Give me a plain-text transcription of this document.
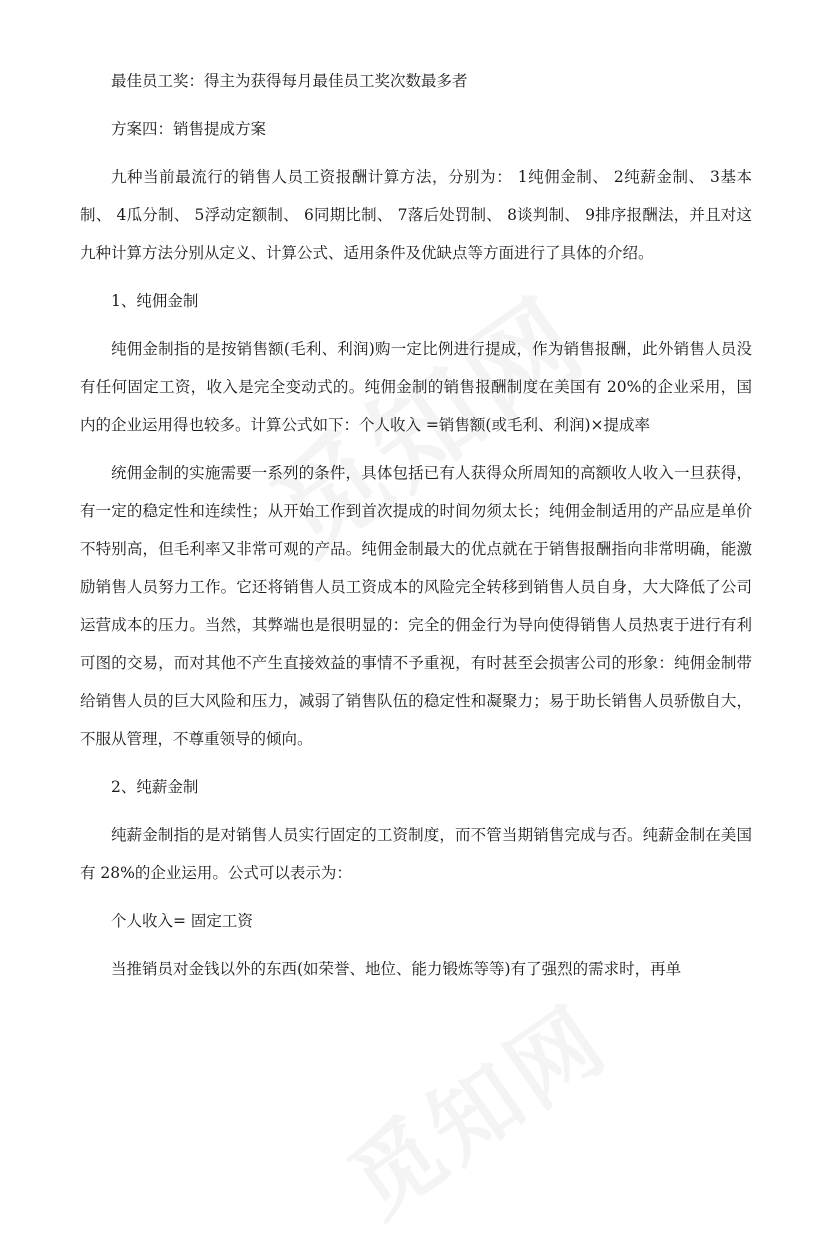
最佳员工奖：得主为获得每月最佳员工奖次数最多者

方案四：销售提成方案

九种当前最流行的销售人员工资报酬计算方法，分别为： 1纯佣金制、 2纯薪金制、 3基本制、 4瓜分制、 5浮动定额制、 6同期比制、 7落后处罚制、 8谈判制、 9排序报酬法，并且对这九种计算方法分别从定义、计算公式、适用条件及优缺点等方面进行了具体的介绍。

1、纯佣金制

纯佣金制指的是按销售额(毛利、利润)购一定比例进行提成，作为销售报酬，此外销售人员没有任何固定工资，收入是完全变动式的。纯佣金制的销售报酬制度在美国有 20%的企业采用，国内的企业运用得也较多。计算公式如下：个人收入 =销售额(或毛利、利润)×提成率

统佣金制的实施需要一系列的条件，具体包括已有人获得众所周知的高额收人收入一旦获得，有一定的稳定性和连续性；从开始工作到首次提成的时间勿须太长；纯佣金制适用的产品应是单价不特别高，但毛利率又非常可观的产品。纯佣金制最大的优点就在于销售报酬指向非常明确，能激励销售人员努力工作。它还将销售人员工资成本的风险完全转移到销售人员自身，大大降低了公司运营成本的压力。当然，其弊端也是很明显的：完全的佣金行为导向使得销售人员热衷于进行有利可图的交易，而对其他不产生直接效益的事情不予重视，有时甚至会损害公司的形象：纯佣金制带给销售人员的巨大风险和压力，减弱了销售队伍的稳定性和凝聚力；易于助长销售人员骄傲自大，不服从管理，不尊重领导的倾向。

2、纯薪金制

纯薪金制指的是对销售人员实行固定的工资制度，而不管当期销售完成与否。纯薪金制在美国有 28%的企业运用。公式可以表示为：

个人收入= 固定工资

当推销员对金钱以外的东西(如荣誉、地位、能力锻炼等等)有了强烈的需求时，再单
